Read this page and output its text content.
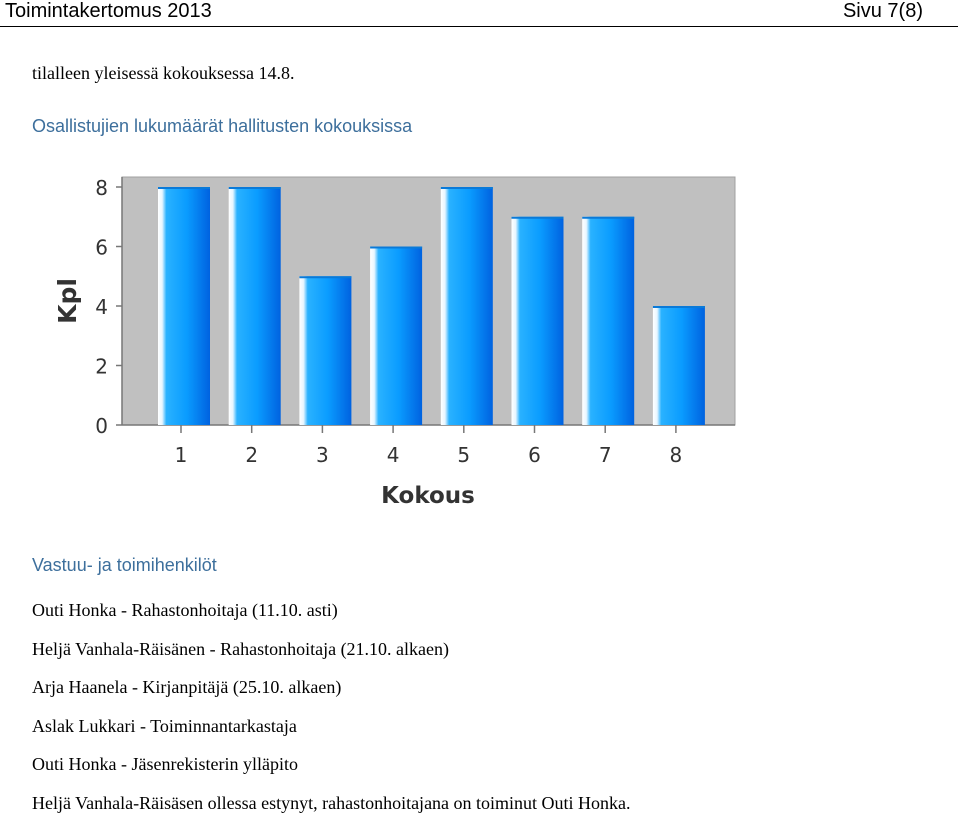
Toimintakertomus 2013	Sivu 7(8)
tilalleen yleisessä kokouksessa 14.8.
Osallistujien lukumäärät hallitusten kokouksissa
0
2
4
6
8
1	2	3	4	5	6	7	8
Kokous
Kpl
Vastuu- ja toimihenkilöt
Outi Honka - Rahastonhoitaja (11.10. asti)
Heljä Vanhala-Räisänen - Rahastonhoitaja (21.10. alkaen)
Arja Haanela - Kirjanpitäjä (25.10. alkaen)
Aslak Lukkari - Toiminnantarkastaja
Outi Honka - Jäsenrekisterin ylläpito
Heljä Vanhala-Räisäsen ollessa estynyt, rahastonhoitajana on toiminut Outi Honka.
